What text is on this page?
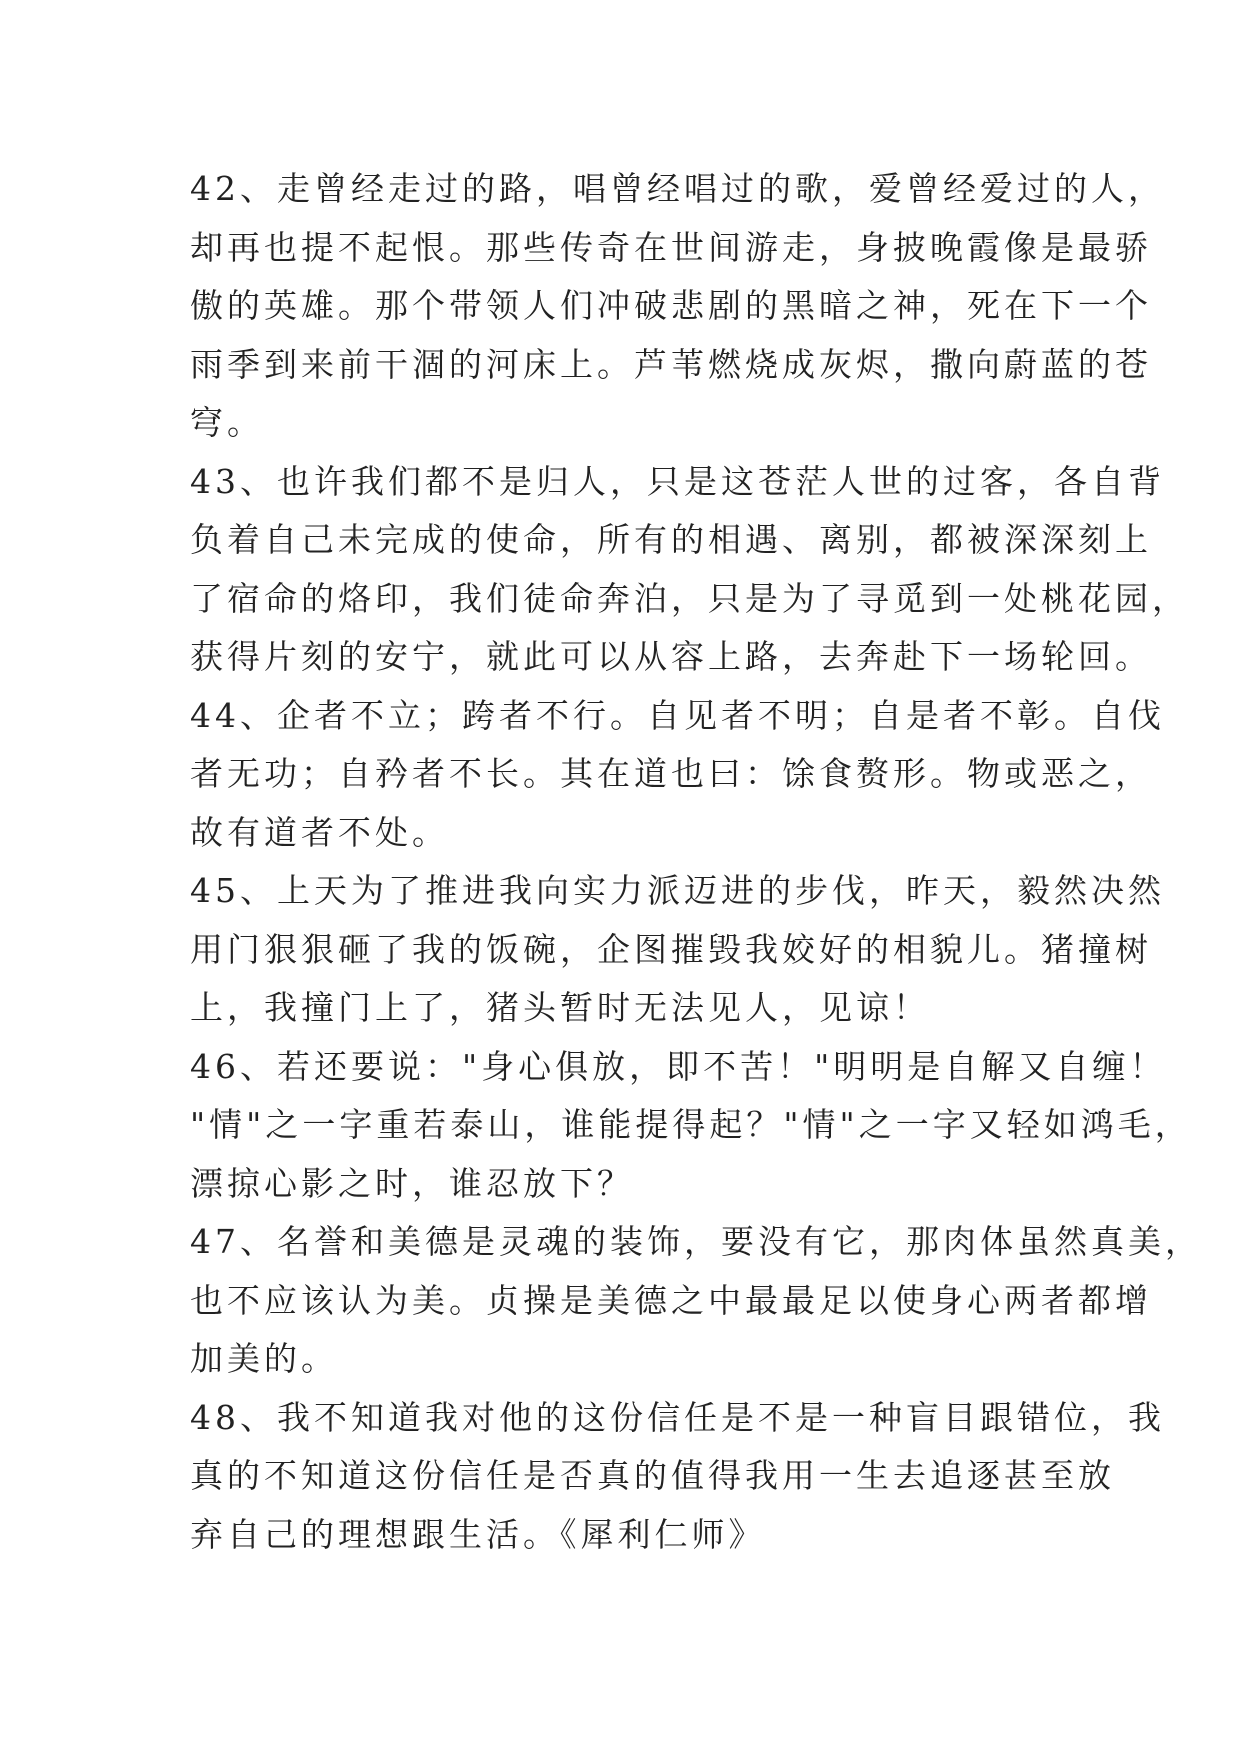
42、走曾经走过的路，唱曾经唱过的歌，爱曾经爱过的人，
却再也提不起恨。那些传奇在世间游走，身披晚霞像是最骄
傲的英雄。那个带领人们冲破悲剧的黑暗之神，死在下一个
雨季到来前干涸的河床上。芦苇燃烧成灰烬，撒向蔚蓝的苍
穹。
43、也许我们都不是归人，只是这苍茫人世的过客，各自背
负着自己未完成的使命，所有的相遇、离别，都被深深刻上
了宿命的烙印，我们徒命奔泊，只是为了寻觅到一处桃花园，
获得片刻的安宁，就此可以从容上路，去奔赴下一场轮回。
44、企者不立；跨者不行。自见者不明；自是者不彰。自伐
者无功；自矜者不长。其在道也曰：馀食赘形。物或恶之，
故有道者不处。
45、上天为了推进我向实力派迈进的步伐，昨天，毅然决然
用门狠狠砸了我的饭碗，企图摧毁我姣好的相貌儿。猪撞树
上，我撞门上了，猪头暂时无法见人，见谅！
46、若还要说："身心俱放，即不苦！"明明是自解又自缠！
"情"之一字重若泰山，谁能提得起？"情"之一字又轻如鸿毛，
漂掠心影之时，谁忍放下？
47、名誉和美德是灵魂的装饰，要没有它，那肉体虽然真美，
也不应该认为美。贞操是美德之中最最足以使身心两者都增
加美的。
48、我不知道我对他的这份信任是不是一种盲目跟错位，我
真的不知道这份信任是否真的值得我用一生去追逐甚至放
弃自己的理想跟生活。《犀利仁师》
